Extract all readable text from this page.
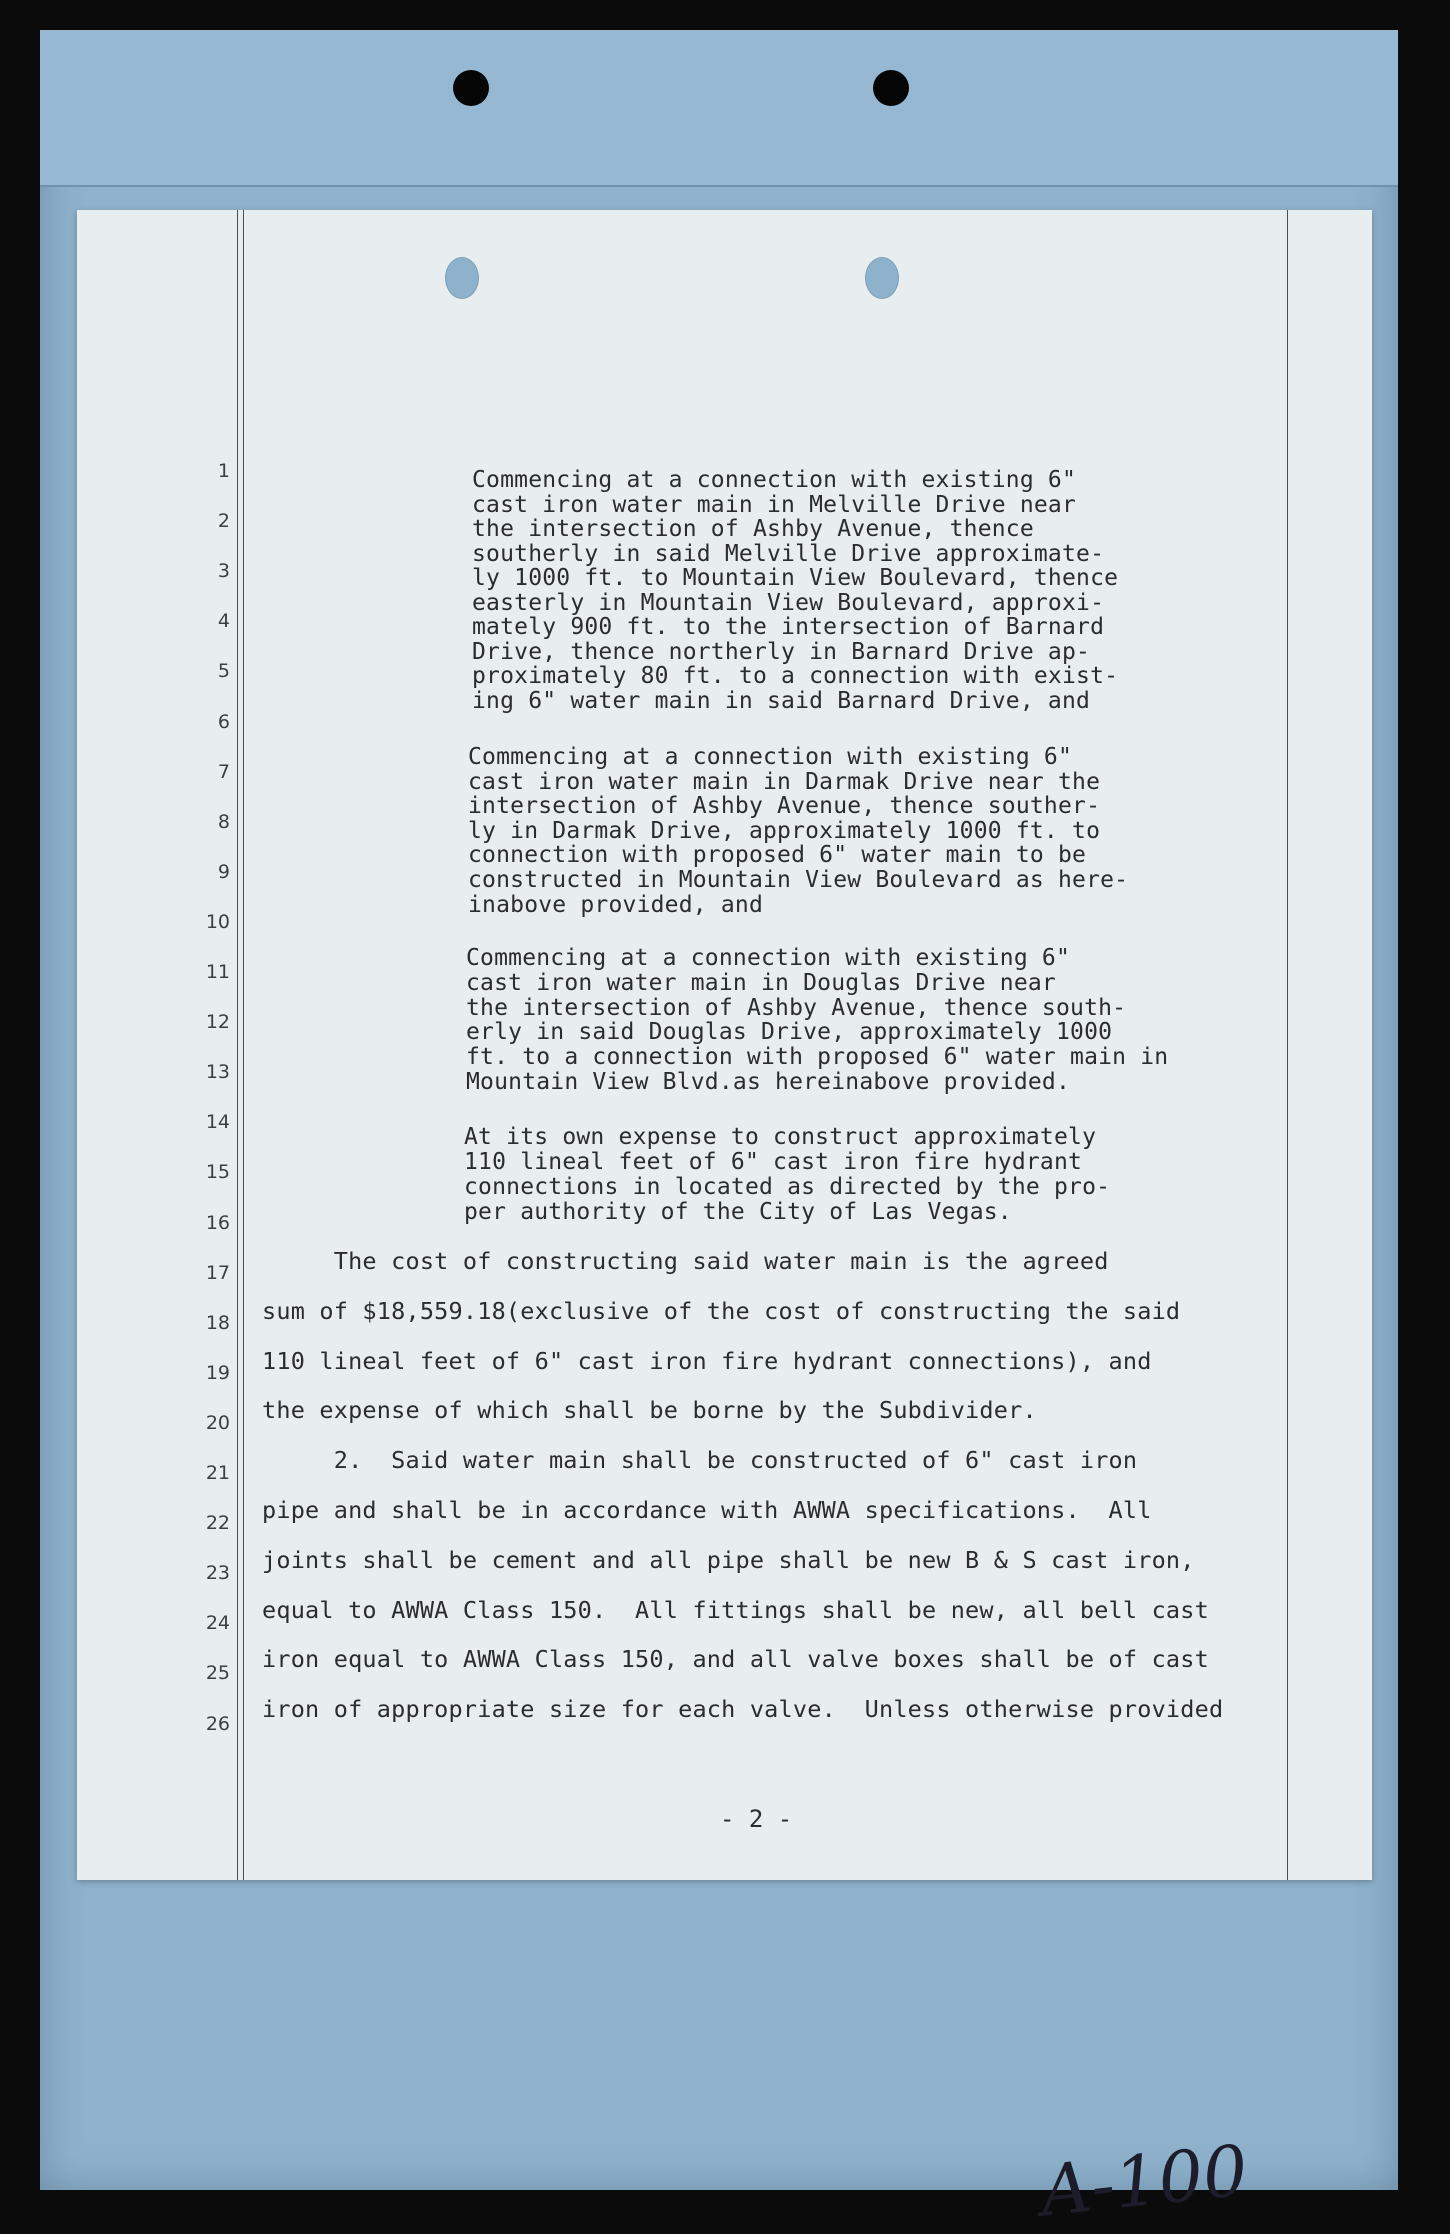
1
2
3
4
5
6
7
8
9
10
11
12
13
14
15
16
17
18
19
20
21
22
23
24
25
26
Commencing at a connection with existing 6"
cast iron water main in Melville Drive near
the intersection of Ashby Avenue, thence
southerly in said Melville Drive approximate-
ly 1000 ft. to Mountain View Boulevard, thence
easterly in Mountain View Boulevard, approxi-
mately 900 ft. to the intersection of Barnard
Drive, thence northerly in Barnard Drive ap-
proximately 80 ft. to a connection with exist-
ing 6" water main in said Barnard Drive, and
Commencing at a connection with existing 6"
cast iron water main in Darmak Drive near the
intersection of Ashby Avenue, thence souther-
ly in Darmak Drive, approximately 1000 ft. to
connection with proposed 6" water main to be
constructed in Mountain View Boulevard as here-
inabove provided, and
Commencing at a connection with existing 6"
cast iron water main in Douglas Drive near
the intersection of Ashby Avenue, thence south-
erly in said Douglas Drive, approximately 1000
ft. to a connection with proposed 6" water main in
Mountain View Blvd.as hereinabove provided.
At its own expense to construct approximately
110 lineal feet of 6" cast iron fire hydrant
connections in located as directed by the pro-
per authority of the City of Las Vegas.
The cost of constructing said water main is the agreed
sum of $18,559.18(exclusive of the cost of constructing the said
110 lineal feet of 6" cast iron fire hydrant connections), and
the expense of which shall be borne by the Subdivider.
2.  Said water main shall be constructed of 6" cast iron
pipe and shall be in accordance with AWWA specifications.  All
joints shall be cement and all pipe shall be new B & S cast iron,
equal to AWWA Class 150.  All fittings shall be new, all bell cast
iron equal to AWWA Class 150, and all valve boxes shall be of cast
iron of appropriate size for each valve.  Unless otherwise provided
- 2 -
A-100
